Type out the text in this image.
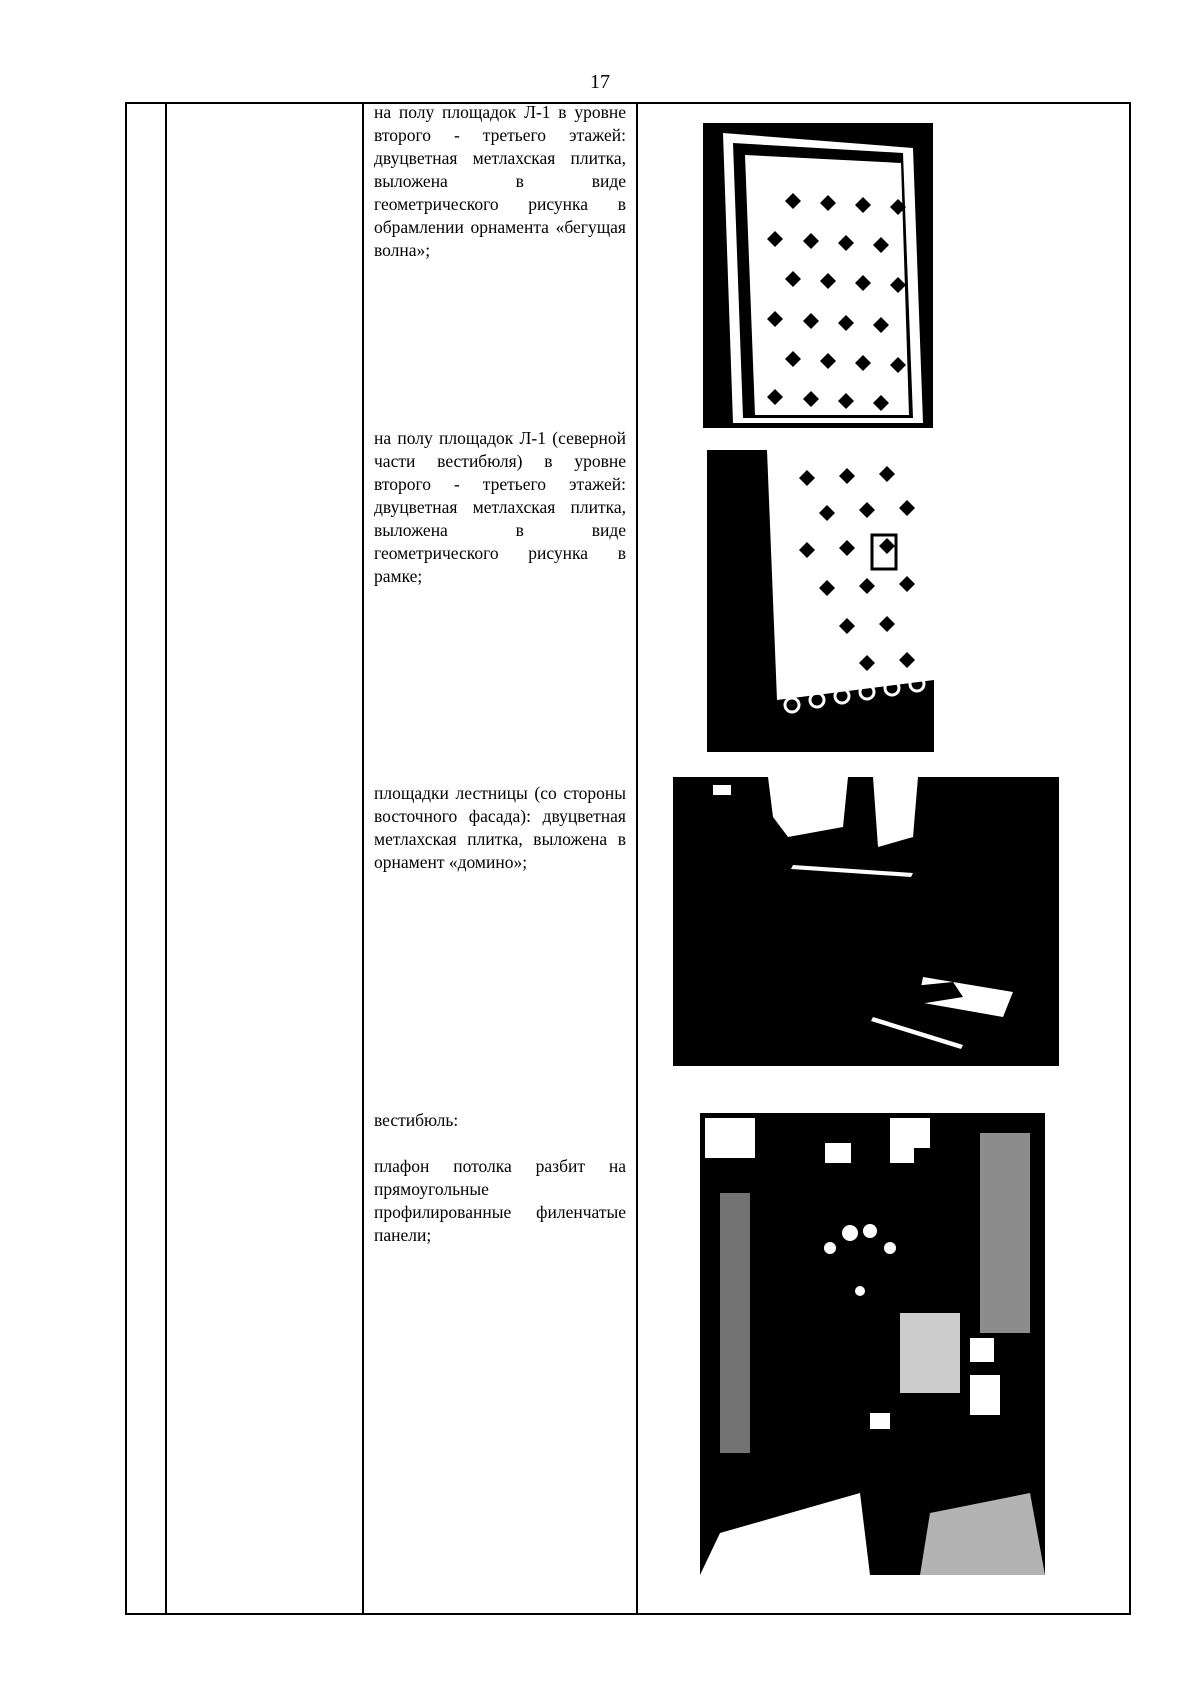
17
на полу площадок Л-1 в уровне второго - третьего этажей: двуцветная метлахская плитка, выложена в виде геометрического рисунка в обрамлении орнамента «бегущая волна»;
на полу площадок Л-1 (северной части вестибюля) в уровне второго - третьего этажей: двуцветная метлахская плитка, выложена в виде геометрического рисунка в рамке;
площадки лестницы (со стороны восточного фасада): двуцветная метлахская плитка, выложена в орнамент «домино»;
вестибюль:
плафон потолка разбит на прямоугольные профилированные филенчатые панели;
